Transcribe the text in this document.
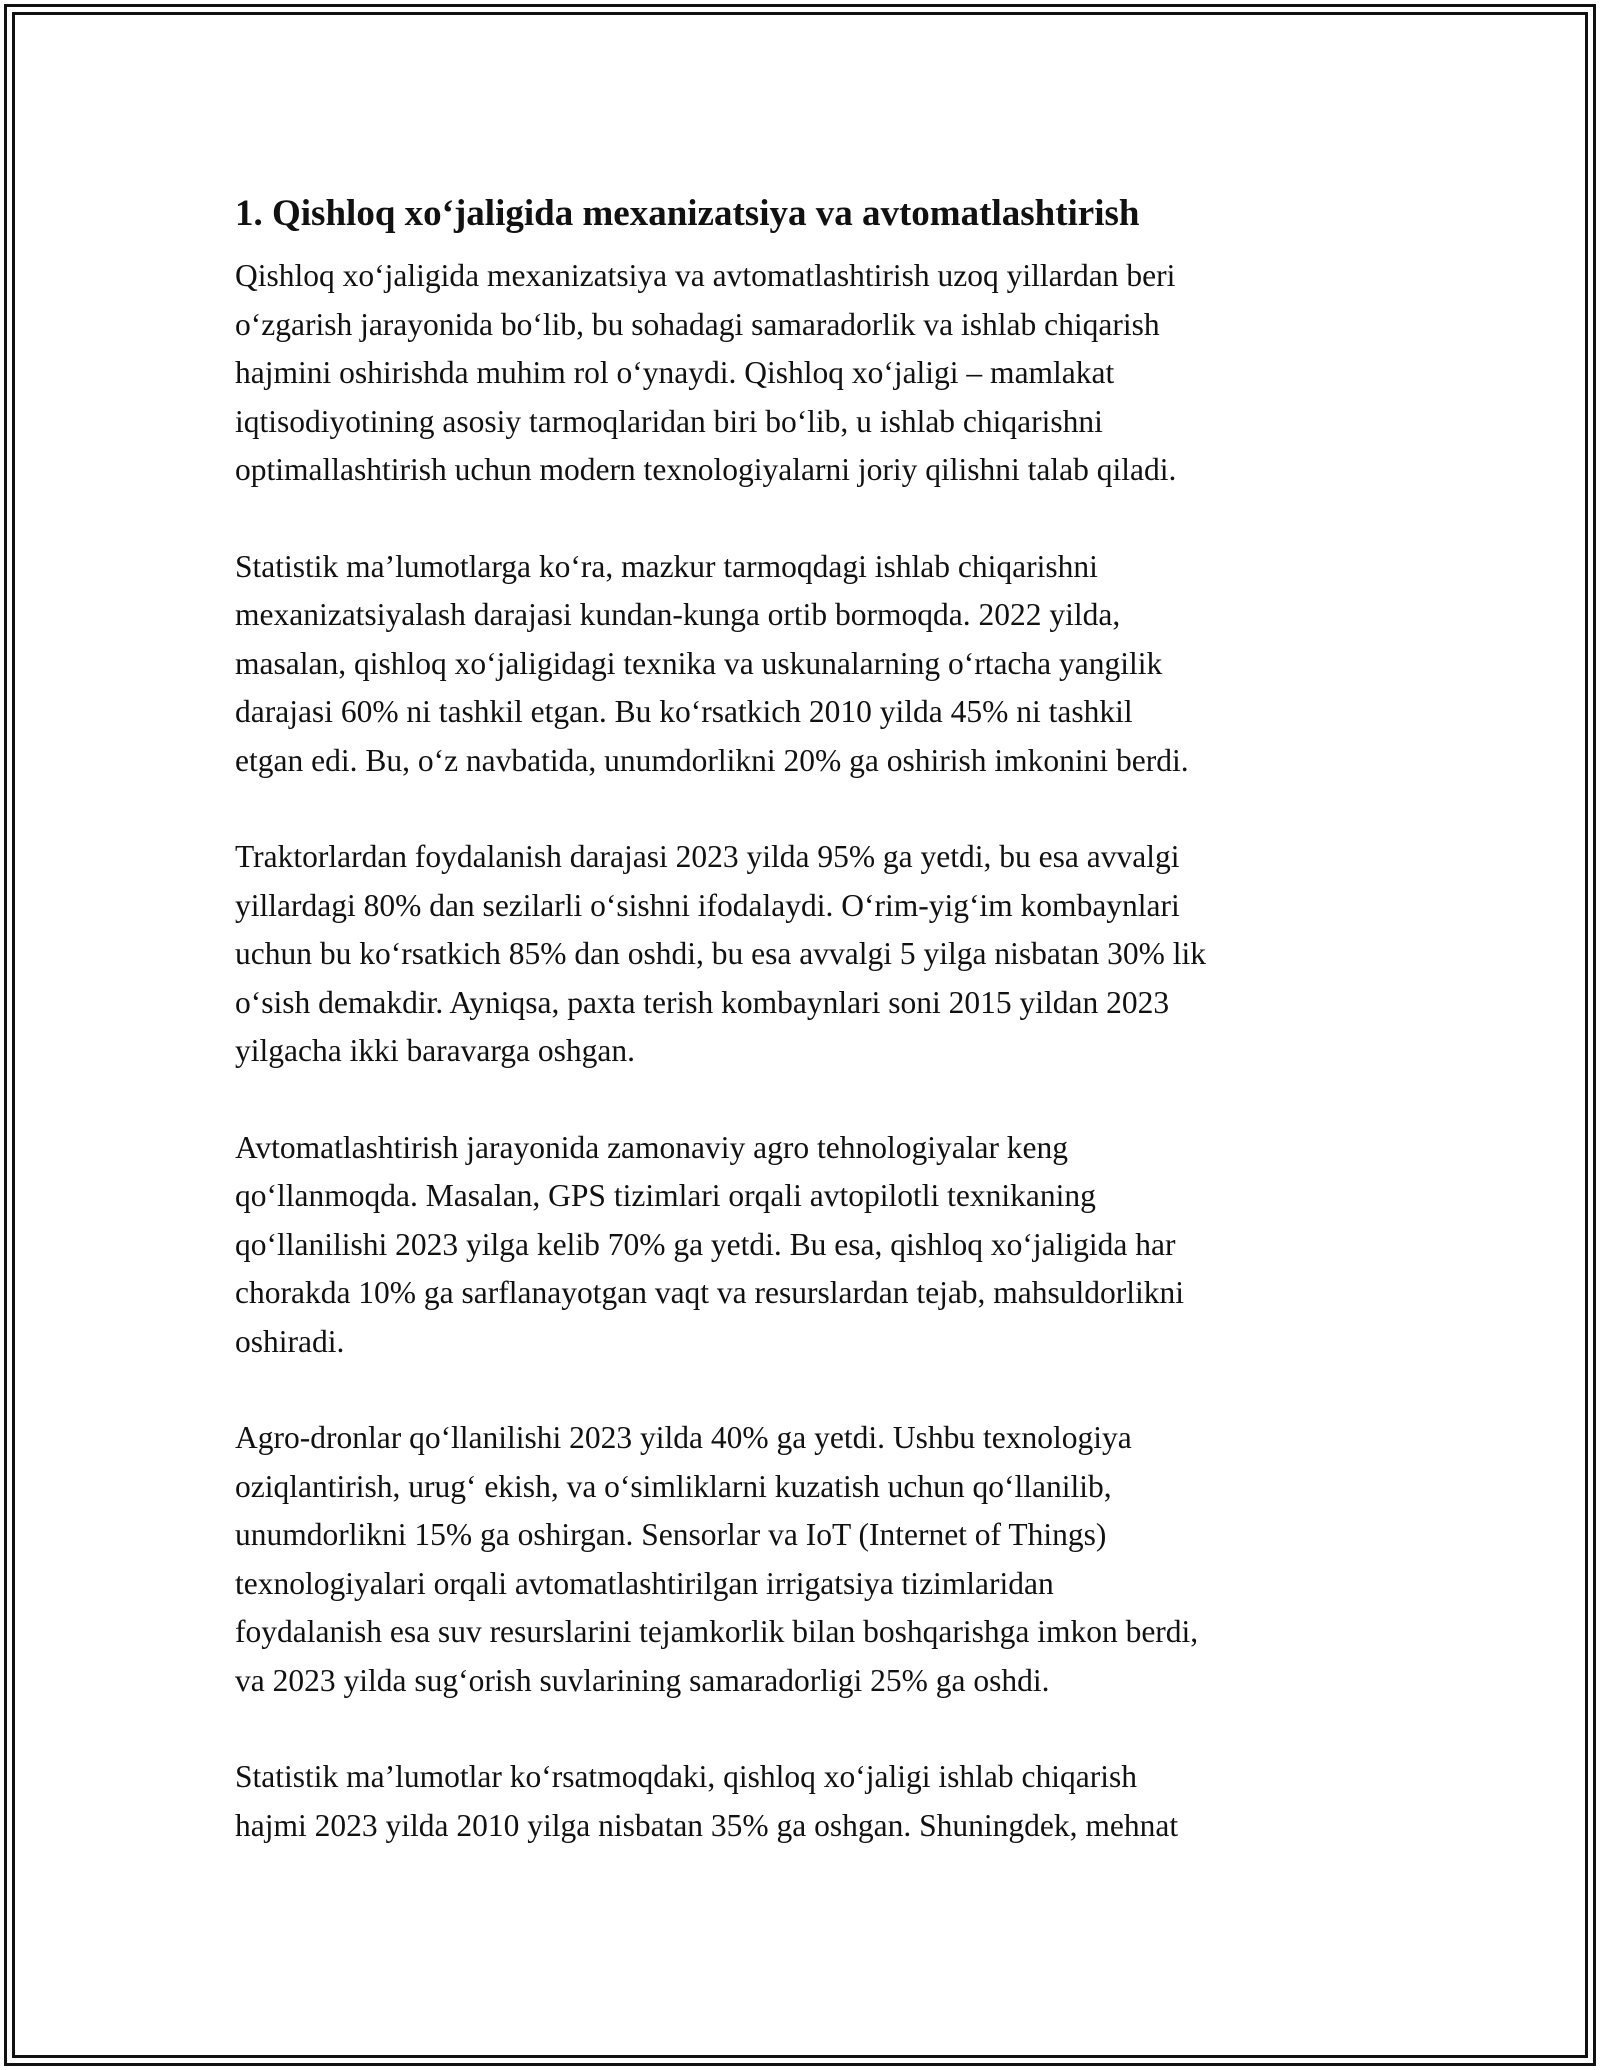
1. Qishloq xo‘jaligida mexanizatsiya va avtomatlashtirish

Qishloq xo‘jaligida mexanizatsiya va avtomatlashtirish uzoq yillardan beri
o‘zgarish jarayonida bo‘lib, bu sohadagi samaradorlik va ishlab chiqarish
hajmini oshirishda muhim rol o‘ynaydi. Qishloq xo‘jaligi – mamlakat
iqtisodiyotining asosiy tarmoqlaridan biri bo‘lib, u ishlab chiqarishni
optimallashtirish uchun modern texnologiyalarni joriy qilishni talab qiladi.

Statistik ma’lumotlarga ko‘ra, mazkur tarmoqdagi ishlab chiqarishni
mexanizatsiyalash darajasi kundan-kunga ortib bormoqda. 2022 yilda,
masalan, qishloq xo‘jaligidagi texnika va uskunalarning o‘rtacha yangilik
darajasi 60% ni tashkil etgan. Bu ko‘rsatkich 2010 yilda 45% ni tashkil
etgan edi. Bu, o‘z navbatida, unumdorlikni 20% ga oshirish imkonini berdi.

Traktorlardan foydalanish darajasi 2023 yilda 95% ga yetdi, bu esa avvalgi
yillardagi 80% dan sezilarli o‘sishni ifodalaydi. O‘rim-yig‘im kombaynlari
uchun bu ko‘rsatkich 85% dan oshdi, bu esa avvalgi 5 yilga nisbatan 30% lik
o‘sish demakdir. Ayniqsa, paxta terish kombaynlari soni 2015 yildan 2023
yilgacha ikki baravarga oshgan.

Avtomatlashtirish jarayonida zamonaviy agro tehnologiyalar keng
qo‘llanmoqda. Masalan, GPS tizimlari orqali avtopilotli texnikaning
qo‘llanilishi 2023 yilga kelib 70% ga yetdi. Bu esa, qishloq xo‘jaligida har
chorakda 10% ga sarflanayotgan vaqt va resurslardan tejab, mahsuldorlikni
oshiradi.

Agro-dronlar qo‘llanilishi 2023 yilda 40% ga yetdi. Ushbu texnologiya
oziqlantirish, urug‘ ekish, va o‘simliklarni kuzatish uchun qo‘llanilib,
unumdorlikni 15% ga oshirgan. Sensorlar va IoT (Internet of Things)
texnologiyalari orqali avtomatlashtirilgan irrigatsiya tizimlaridan
foydalanish esa suv resurslarini tejamkorlik bilan boshqarishga imkon berdi,
va 2023 yilda sug‘orish suvlarining samaradorligi 25% ga oshdi.

Statistik ma’lumotlar ko‘rsatmoqdaki, qishloq xo‘jaligi ishlab chiqarish
hajmi 2023 yilda 2010 yilga nisbatan 35% ga oshgan. Shuningdek, mehnat
